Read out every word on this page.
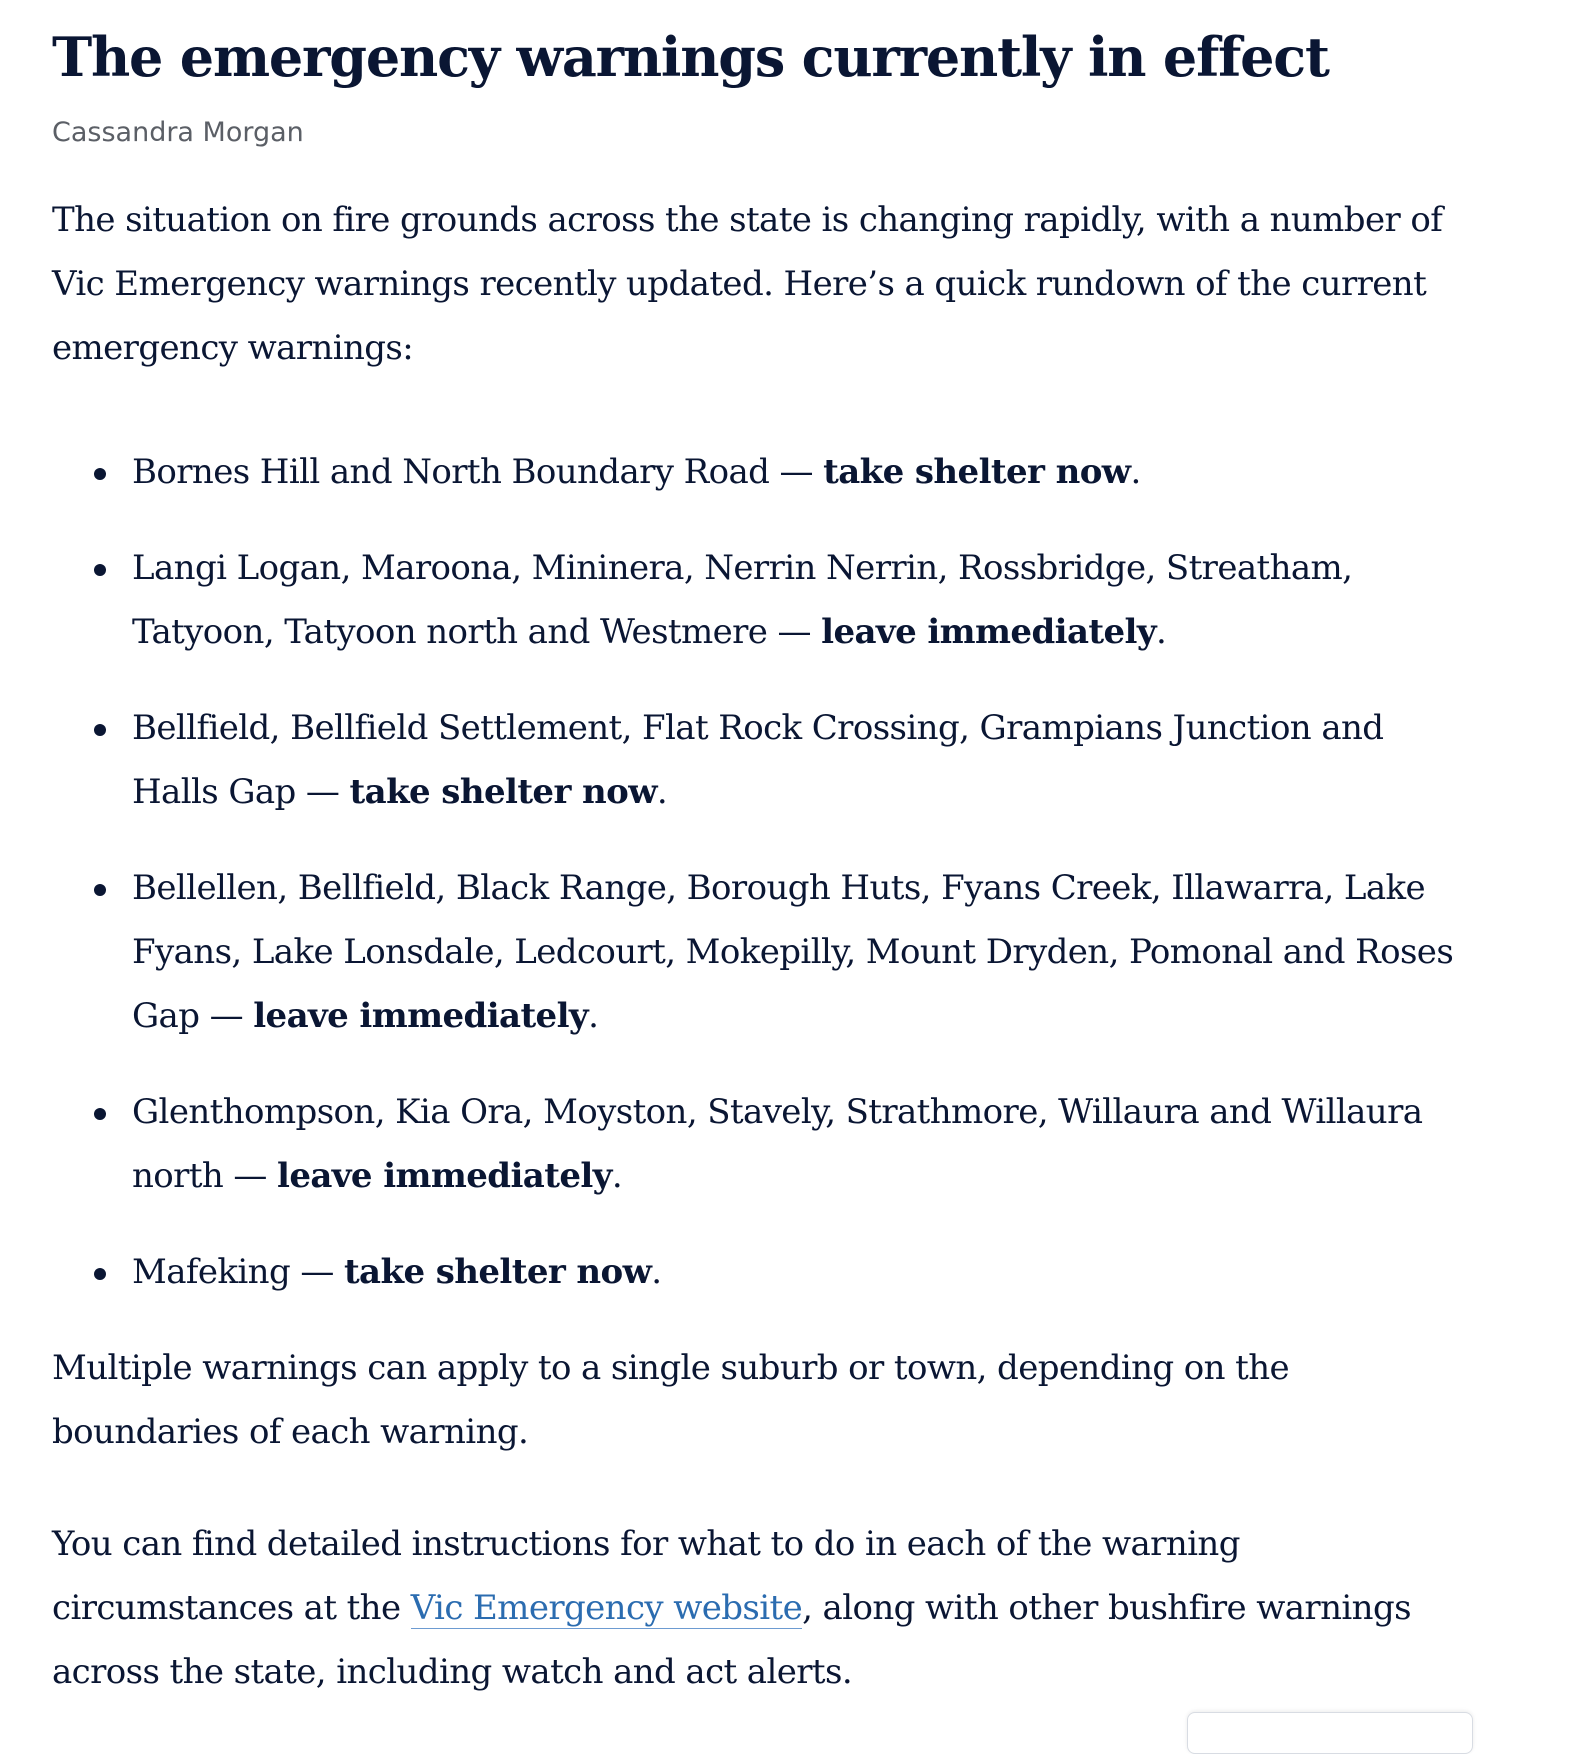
The emergency warnings currently in effect
Cassandra Morgan

The situation on fire grounds across the state is changing rapidly, with a number of Vic Emergency warnings recently updated. Here’s a quick rundown of the current emergency warnings:

Bornes Hill and North Boundary Road — take shelter now.
Langi Logan, Maroona, Mininera, Nerrin Nerrin, Rossbridge, Streatham, Tatyoon, Tatyoon north and Westmere — leave immediately.
Bellfield, Bellfield Settlement, Flat Rock Crossing, Grampians Junction and Halls Gap — take shelter now.
Bellellen, Bellfield, Black Range, Borough Huts, Fyans Creek, Illawarra, Lake Fyans, Lake Lonsdale, Ledcourt, Mokepilly, Mount Dryden, Pomonal and Roses Gap — leave immediately.
Glenthompson, Kia Ora, Moyston, Stavely, Strathmore, Willaura and Willaura north — leave immediately.
Mafeking — take shelter now.

Multiple warnings can apply to a single suburb or town, depending on the boundaries of each warning.

You can find detailed instructions for what to do in each of the warning circumstances at the Vic Emergency website, along with other bushfire warnings across the state, including watch and act alerts.
